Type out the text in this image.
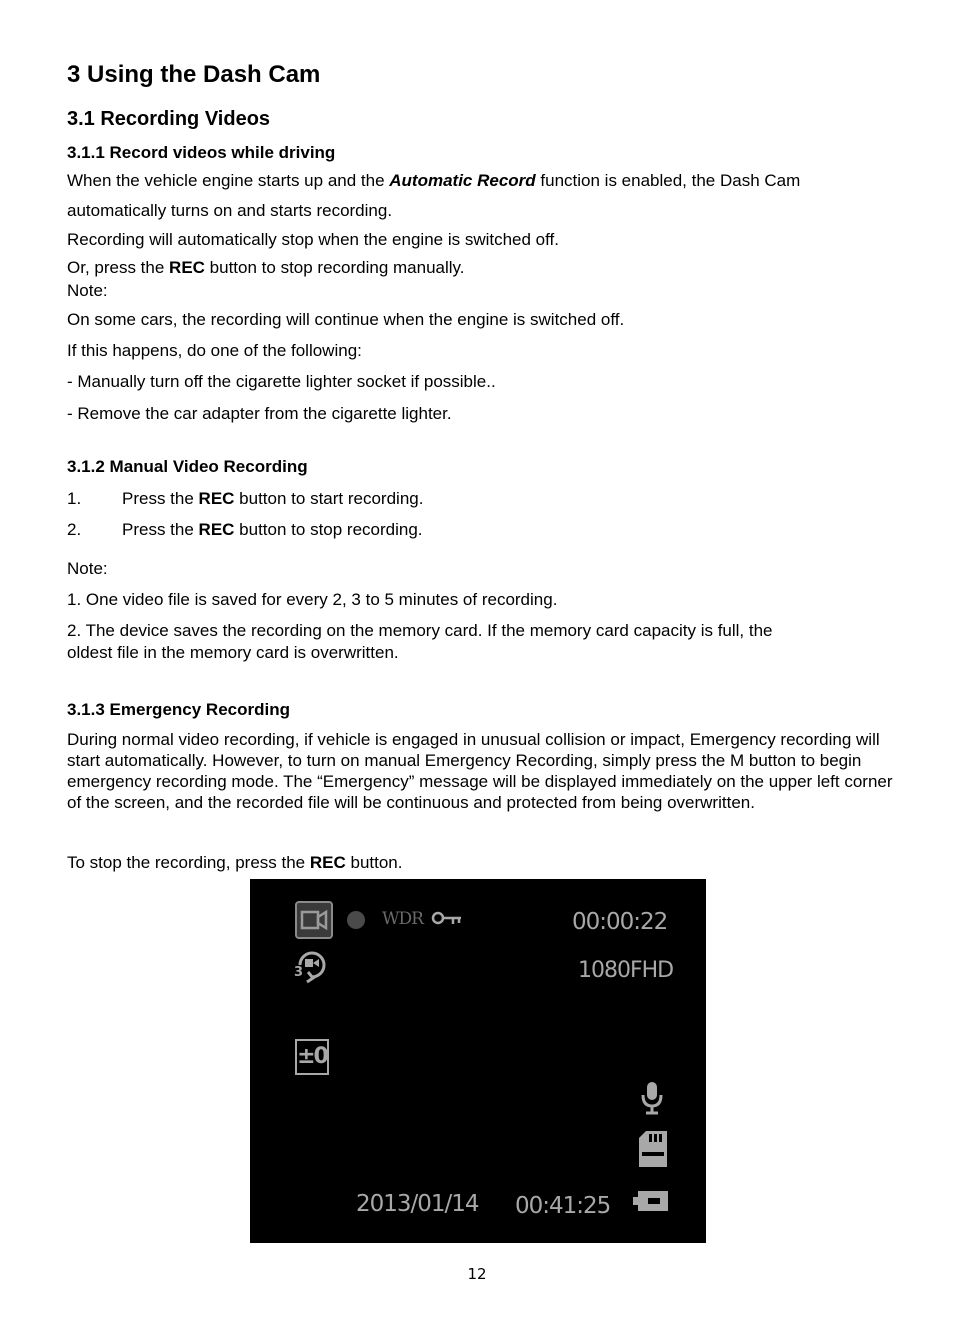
3 Using the Dash Cam
3.1 Recording Videos
3.1.1 Record videos while driving
When the vehicle engine starts up and the Automatic Record function is enabled, the Dash Cam
automatically turns on and starts recording.
Recording will automatically stop when the engine is switched off.
Or, press the REC button to stop recording manually.
Note:
On some cars, the recording will continue when the engine is switched off.
If this happens, do one of the following:
- Manually turn off the cigarette lighter socket if possible..
- Remove the car adapter from the cigarette lighter.
3.1.2 Manual Video Recording
1. Press the REC button to start recording.
2. Press the REC button to stop recording.
Note:
1. One video file is saved for every 2, 3 to 5 minutes of recording.
2. The device saves the recording on the memory card. If the memory card capacity is full, the
oldest file in the memory card is overwritten.
3.1.3 Emergency Recording
During normal video recording, if vehicle is engaged in unusual collision or impact, Emergency recording will start automatically. However, to turn on manual Emergency Recording, simply press the M button to begin emergency recording mode. The “Emergency” message will be displayed immediately on the upper left corner of the screen, and the recorded file will be continuous and protected from being overwritten.
To stop the recording, press the REC button.
WDR	00:00:22
1080FHD
3
±0
2013/01/14 00:41:25
12
